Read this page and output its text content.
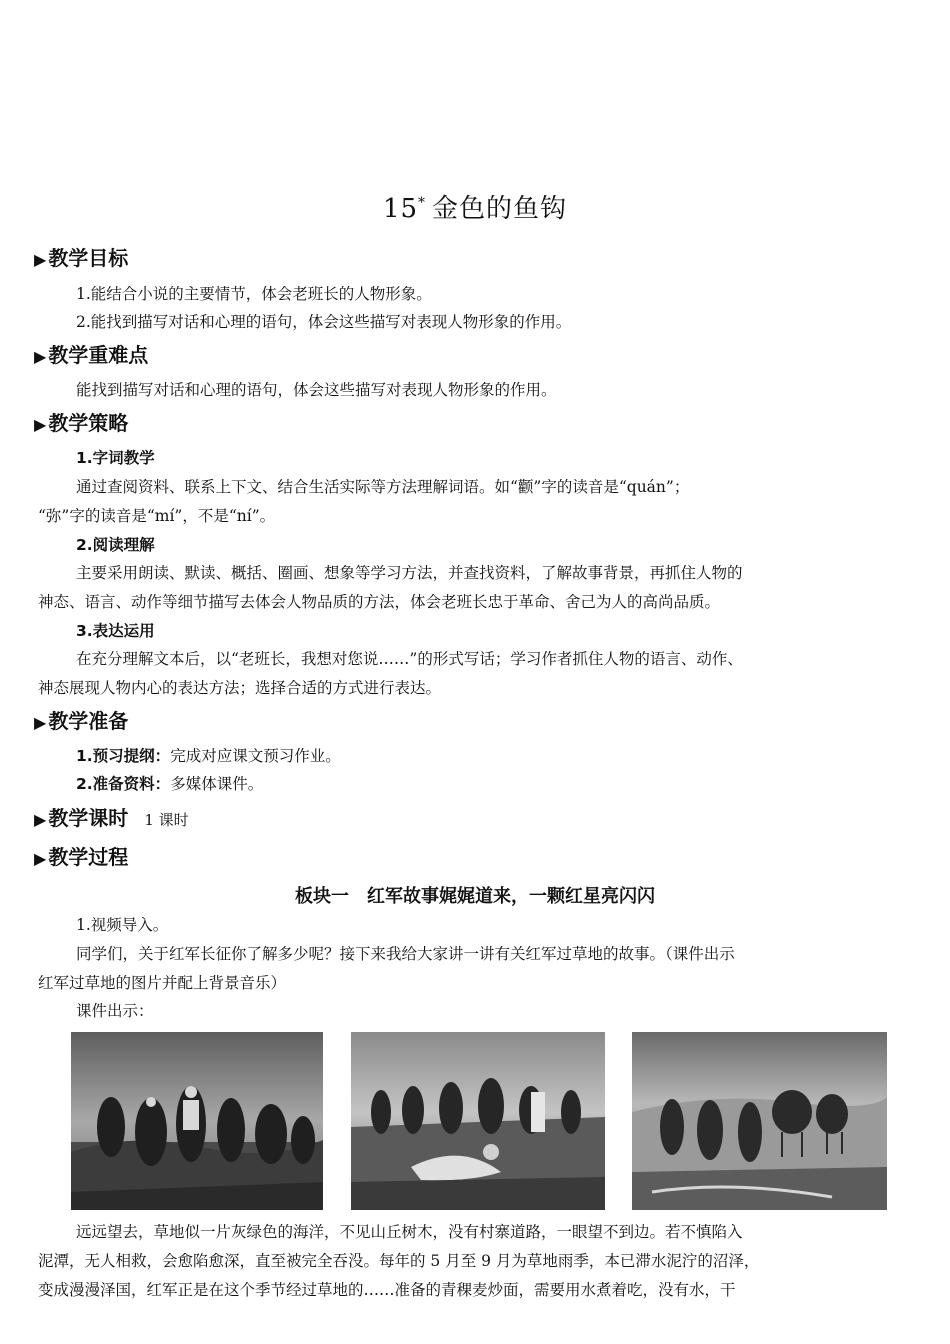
15* 金色的鱼钩
▶ 教学目标
1.能结合小说的主要情节，体会老班长的人物形象。
2.能找到描写对话和心理的语句，体会这些描写对表现人物形象的作用。
▶ 教学重难点
能找到描写对话和心理的语句，体会这些描写对表现人物形象的作用。
▶ 教学策略
1.字词教学
通过查阅资料、联系上下文、结合生活实际等方法理解词语。如“颧”字的读音是“quán”；
“弥”字的读音是“mí”，不是“ní”。
2.阅读理解
主要采用朗读、默读、概括、圈画、想象等学习方法，并查找资料，了解故事背景，再抓住人物的
神态、语言、动作等细节描写去体会人物品质的方法，体会老班长忠于革命、舍己为人的高尚品质。
3.表达运用
在充分理解文本后，以“老班长，我想对您说……”的形式写话；学习作者抓住人物的语言、动作、
神态展现人物内心的表达方法；选择合适的方式进行表达。
▶ 教学准备
1.预习提纲：完成对应课文预习作业。
2.准备资料：多媒体课件。
▶ 教学课时 1 课时
▶ 教学过程
板块一　红军故事娓娓道来，一颗红星亮闪闪
1.视频导入。
同学们，关于红军长征你了解多少呢？接下来我给大家讲一讲有关红军过草地的故事。（课件出示
红军过草地的图片并配上背景音乐）
课件出示：
远远望去，草地似一片灰绿色的海洋，不见山丘树木，没有村寨道路，一眼望不到边。若不慎陷入
泥潭，无人相救，会愈陷愈深，直至被完全吞没。每年的 5 月至 9 月为草地雨季，本已滞水泥泞的沼泽，
变成漫漫泽国，红军正是在这个季节经过草地的……准备的青稞麦炒面，需要用水煮着吃，没有水，干
